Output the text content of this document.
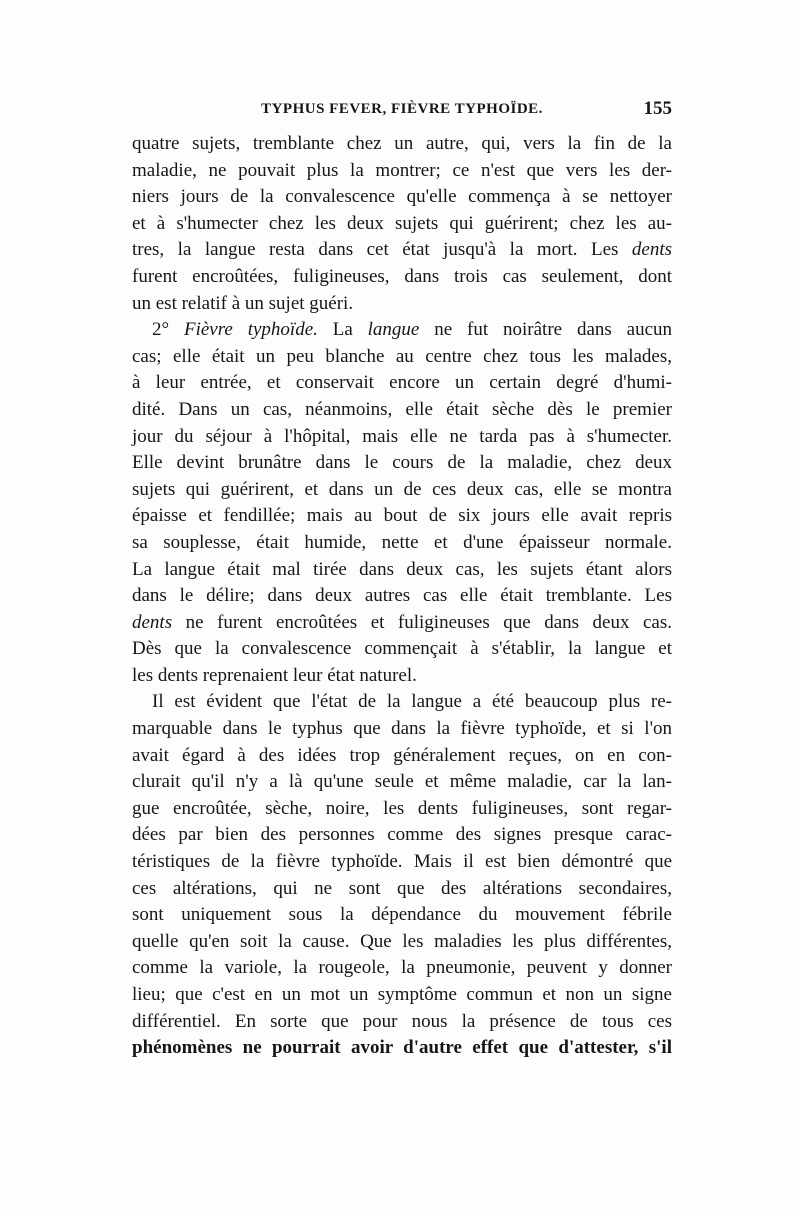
TYPHUS FEVER, FIÈVRE TYPHOÏDE.	155
quatre sujets, tremblante chez un autre, qui, vers la fin de la
maladie, ne pouvait plus la montrer; ce n'est que vers les der-
niers jours de la convalescence qu'elle commença à se nettoyer
et à s'humecter chez les deux sujets qui guérirent; chez les au-
tres, la langue resta dans cet état jusqu'à la mort. Les dents
furent encroûtées, fuligineuses, dans trois cas seulement, dont
un est relatif à un sujet guéri.
2° Fièvre typhoïde. La langue ne fut noirâtre dans aucun
cas; elle était un peu blanche au centre chez tous les malades,
à leur entrée, et conservait encore un certain degré d'humi-
dité. Dans un cas, néanmoins, elle était sèche dès le premier
jour du séjour à l'hôpital, mais elle ne tarda pas à s'humecter.
Elle devint brunâtre dans le cours de la maladie, chez deux
sujets qui guérirent, et dans un de ces deux cas, elle se montra
épaisse et fendillée; mais au bout de six jours elle avait repris
sa souplesse, était humide, nette et d'une épaisseur normale.
La langue était mal tirée dans deux cas, les sujets étant alors
dans le délire; dans deux autres cas elle était tremblante. Les
dents ne furent encroûtées et fuligineuses que dans deux cas.
Dès que la convalescence commençait à s'établir, la langue et
les dents reprenaient leur état naturel.
Il est évident que l'état de la langue a été beaucoup plus re-
marquable dans le typhus que dans la fièvre typhoïde, et si l'on
avait égard à des idées trop généralement reçues, on en con-
clurait qu'il n'y a là qu'une seule et même maladie, car la lan-
gue encroûtée, sèche, noire, les dents fuligineuses, sont regar-
dées par bien des personnes comme des signes presque carac-
téristiques de la fièvre typhoïde. Mais il est bien démontré que
ces altérations, qui ne sont que des altérations secondaires,
sont uniquement sous la dépendance du mouvement fébrile
quelle qu'en soit la cause. Que les maladies les plus différentes,
comme la variole, la rougeole, la pneumonie, peuvent y donner
lieu; que c'est en un mot un symptôme commun et non un signe
différentiel. En sorte que pour nous la présence de tous ces
phénomènes ne pourrait avoir d'autre effet que d'attester, s'il
